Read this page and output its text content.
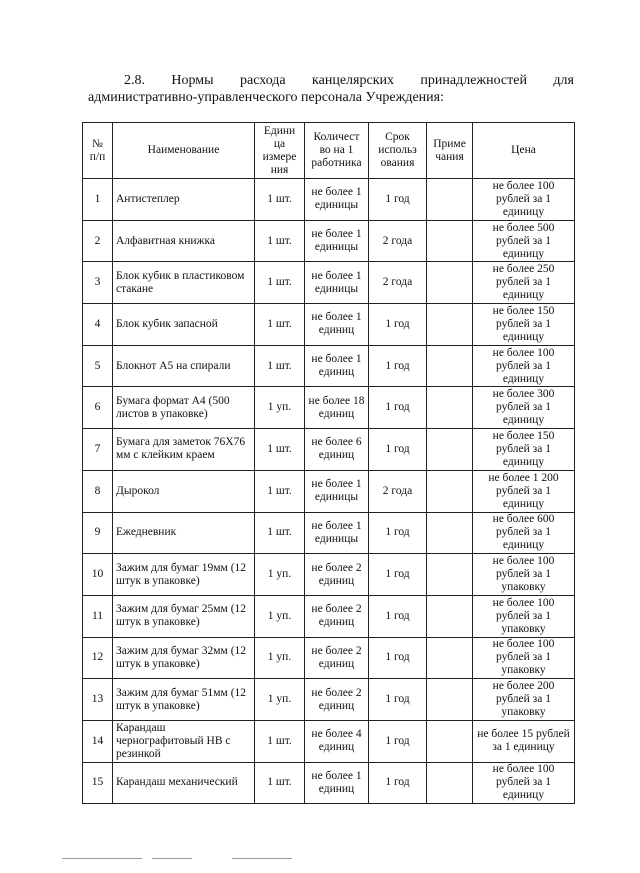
2.8. Нормы расхода канцелярских принадлежностей для
административно-управленческого персонала Учреждения:
№ п/п	Наименование	Едини ца измере ния	Количест во на 1 работника	Срок использ ования	Приме чания	Цена
1	Антистеплер	1 шт.	не более 1 единицы	1 год		не более 100 рублей за 1 единицу
2	Алфавитная книжка	1 шт.	не более 1 единицы	2 года		не более 500 рублей за 1 единицу
3	Блок кубик в пластиковом стакане	1 шт.	не более 1 единицы	2 года		не более 250 рублей за 1 единицу
4	Блок кубик запасной	1 шт.	не более 1 единиц	1 год		не более 150 рублей за 1 единицу
5	Блокнот А5 на спирали	1 шт.	не более 1 единиц	1 год		не более 100 рублей за 1 единицу
6	Бумага формат А4 (500 листов в упаковке)	1 уп.	не более 18 единиц	1 год		не более 300 рублей за 1 единицу
7	Бумага для заметок 76Х76 мм с клейким краем	1 шт.	не более 6 единиц	1 год		не более 150 рублей за 1 единицу
8	Дырокол	1 шт.	не более 1 единицы	2 года		не более 1 200 рублей за 1 единицу
9	Ежедневник	1 шт.	не более 1 единицы	1 год		не более 600 рублей за 1 единицу
10	Зажим для бумаг 19мм (12 штук в упаковке)	1 уп.	не более 2 единиц	1 год		не более 100 рублей за 1 упаковку
11	Зажим для бумаг 25мм (12 штук в упаковке)	1 уп.	не более 2 единиц	1 год		не более 100 рублей за 1 упаковку
12	Зажим для бумаг 32мм (12 штук в упаковке)	1 уп.	не более 2 единиц	1 год		не более 100 рублей за 1 упаковку
13	Зажим для бумаг 51мм (12 штук в упаковке)	1 уп.	не более 2 единиц	1 год		не более 200 рублей за 1 упаковку
14	Карандаш чернографитовый НВ с резинкой	1 шт.	не более 4 единиц	1 год		не более 15 рублей за 1 единицу
15	Карандаш механический	1 шт.	не более 1 единиц	1 год		не более 100 рублей за 1 единицу
